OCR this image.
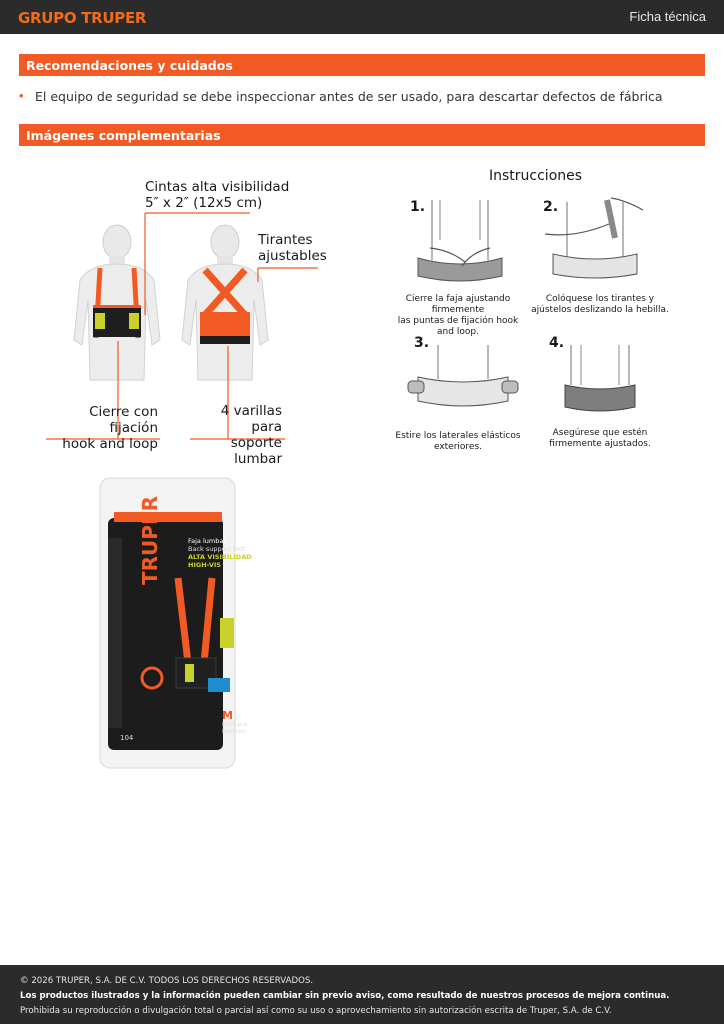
GRUPO TRUPER	Ficha técnica
Recomendaciones y cuidados
• El equipo de seguridad se debe inspeccionar antes de ser usado, para descartar defectos de fábrica
Imágenes complementarias
Cintas alta visibilidad
5″ x 2″ (12x5 cm)
Tirantes
ajustables
Cierre con fijación
hook and loop
4 varillas para
soporte lumbar
Instrucciones
1.	2.
3.	4.
Cierre la faja ajustando firmemente
las puntas de fijación hook and loop.
Colóquese los tirantes y
ajústelos deslizando la hebilla.
Estire los laterales elásticos
exteriores.
Asegúrese que estén
firmemente ajustados.
TRUPER	Faja lumbar
Back support belt
ALTA VISIBILIDAD
HIGH-VIS
M
Mediana
Medium
104

© 2026 TRUPER, S.A. DE C.V. TODOS LOS DERECHOS RESERVADOS.

Los productos ilustrados y la información pueden cambiar sin previo aviso, como resultado de nuestros procesos de mejora continua.

Prohibida su reproducción o divulgación total o parcial así como su uso o aprovechamiento sin autorización escrita de Truper, S.A. de C.V.
